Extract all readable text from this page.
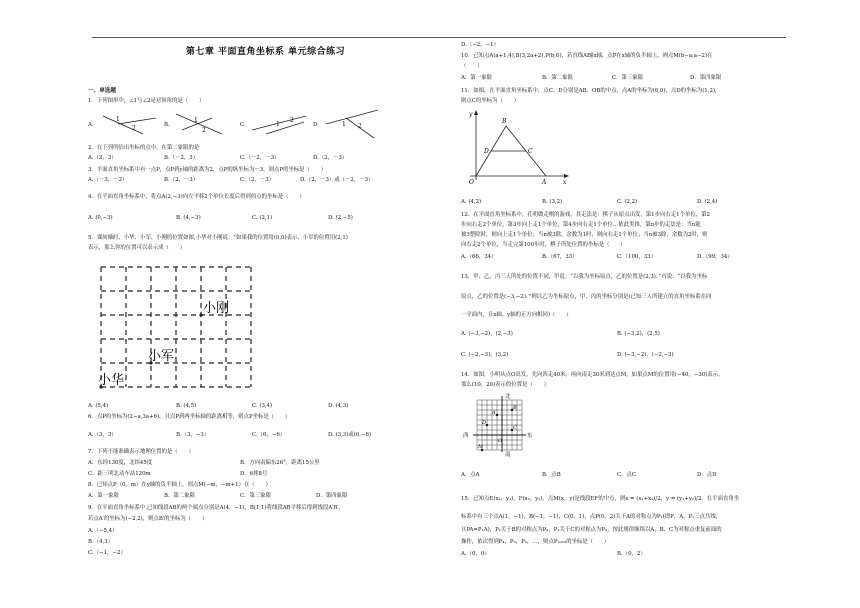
第七章 平面直角坐标系 单元综合练习
一、单选题
1．下列图形中，∠1与∠2是对顶角的是（　　）
A.
1
2	B.
1
2
C.	1
2
D.	1 2
2．在下列所给出坐标的点中，在第二象限的是
A.（2，3）	B.（－2，3）	C.（－2，－3）	D.（2，－3）
3．平面直角坐标系中有一点P，点P到y轴的距离为2，点P的纵坐标为－3，则点P的坐标是（　　）
A.（－3，－2）	B.（2，－3）	C.（2，－3）	D.（2，－3）或（－2，－3）
4．在平面直角坐标系中，将点A(2,−3)向左平移2个单位长度后得到的点的坐标是（　　）
A. (0,−3)	B. (4,−3)	C. (2,1)	D. (2,−5)
5．课间操时，小华、小军、小刚的位置如图,小华对小刚说：“如果我的位置用(0,0)表示，小军的位置用(2,1)
表示，那么你的位置可以表示成（　　）
小刚
小军
小华
A. (5,4)	B. (4,5)	C. (3,4)	D. (4,3)
6．点P的坐标为(2−a,3a+6)，且点P到两坐标轴的距离相等，则点P坐标是（　　）
A.（3，3）	B.（3，−3）	C.（6，−6）	D. (3,3)或(6,−6)
7．下列不能准确表示地理位置的是（　　）
A．东经130度，北纬45度	B．方向南偏东26°，距离15公里
C．距三明北动车站120m	D．6排8号
8．已知点P（0，m）在y轴的负半轴上，则点M(−m，−m+1）在（　　）
A．第一象限	B．第二象限	C．第三象限	D．第四象限
9．在平面直角坐标系中,已知线段AB的两个端点分别是A(4，−1)，B(1,1)将线段AB平移后得到线段A′B′，
若点A′的坐标为(−2,2)，则点B′的坐标为（　　）
A.（−5,4）
B.（4,3）
C.（−1，−2）
D.（−2，−1）
10．已知点A(a+1,4),B(3,2a+2),P(b,0)，若直线AB∥x轴，点P在x轴的负半轴上，则点M(b−a,a−2)在
（　　）
A．第一象限	B．第二象限	C．第三象限	D．第四象限
11．如图，在平面直角坐标系中，点C、D分别是AB、OB的中点，点A的坐标为(6,0)，点D的坐标为(1,2)，
则点C的坐标为（　　）
y
x
O	A
B
C
D
A. (4,2)	B. (3,2)	C. (2,2)	D. (2,4)
12．在平面直角坐标系中，孔明做走棋的游戏，其走法是：棋子从原点出发，第1步向右走1个单位，第2
步向右走2个单位，第3步向上走1个单位，第4步向右走1个单位…依此类推，第n步的走法是：当n能
被3整除时，则向上走1个单位；当n被3除，余数为1时，则向右走1个单位；当n被3除，余数为2时，则
向右走2个单位，当走完第100步时，棋子所处位置的坐标是（　　）
A.（66，34）	B.（67，33）	C.（100，33）	D.（99，34）
13．甲、乙、丙三人所处的位置不同，甲说：“以我为坐标原点，乙的位置是(2,3)．”丙说：“以我为坐标
原点，乙的位置是(−3,−2)．”则以乙为坐标原点，甲、丙的坐标分别是(已知三人所建立的直角坐标系在同
一平面内，且x轴、y轴的正方向相同)（　　）
A. (−3,−2)，(2,−3)	B. (−3,2)，(2,5)
C. (−2,−3)，(3,2)	D. (−3,−2)，(−2,−3)
14．如图，小明从点O出发，先向西走40米，再向南走30米到达点M，如果点M的位置用(−40，−30)表示，
那么(10，20)表示的位置是（　　）
北
南
西	东
A
B
C
D
O
M
A．点A	B．点B	C．点C	D．点D
15．已知点E(x₁，y₁)，F(x₂，y₂)，点M(x，y)是线段EF的中点，则x = (x₁+x₂)/2，y = (y₁+y₂)/2．在平面直角坐
标系中有三个点A(1，−1)，B(−1，−1)，C(0，1)，点P(0，2)关于A的对称点为P₁(即P，A，P₁三点共线，
且PA=P₁A)，P₁关于B的对称点为P₂，P₂关于C的对称点为P₃，按此规律继续以A，B，C为对称点重复前面的
操作，依次得到P₄，P₅，P₆，…，则点P₂₀₁₉的坐标是（　　）
A.（0，0）	B.（0，2）
